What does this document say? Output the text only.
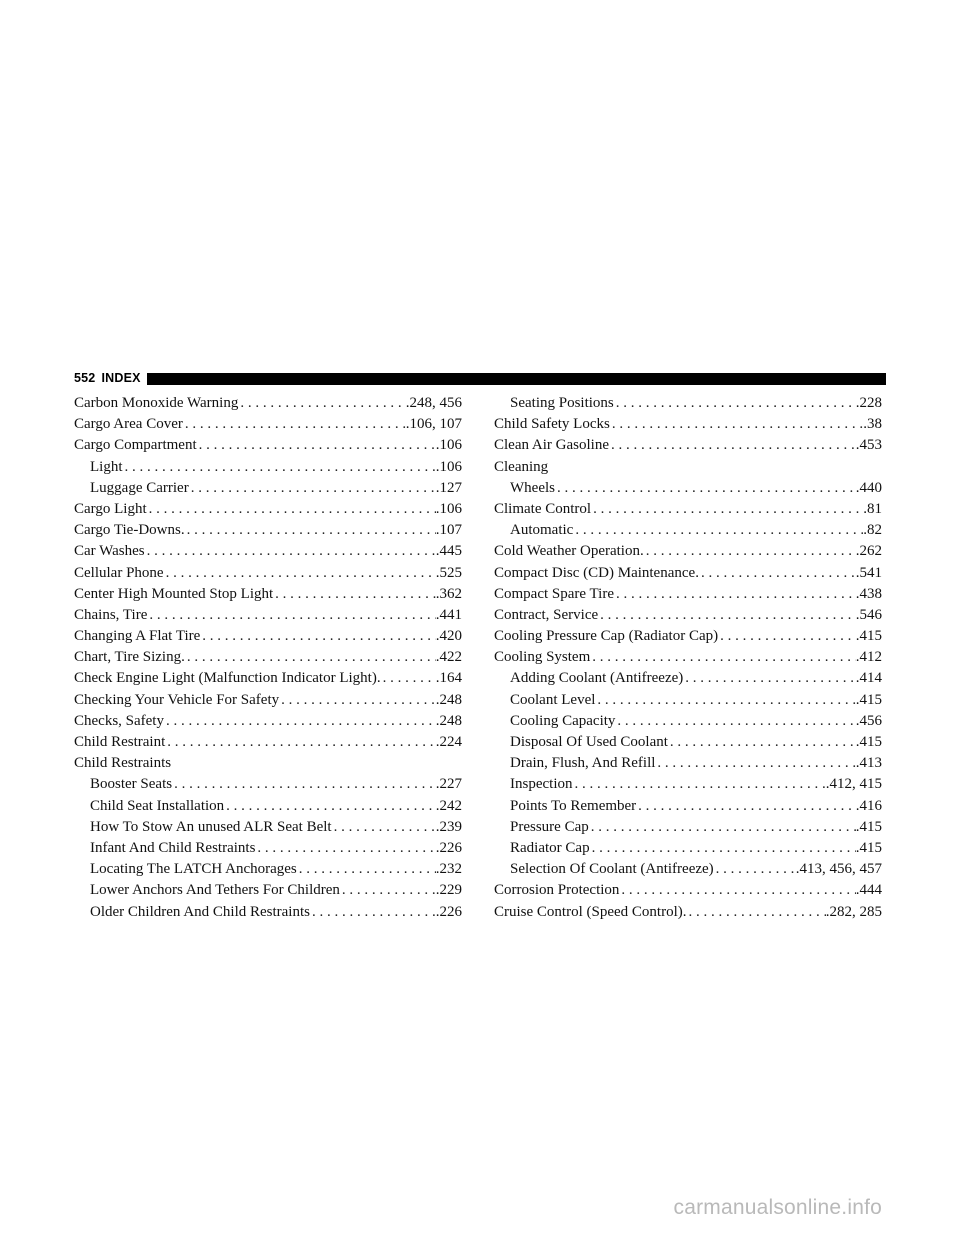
552 INDEX
Carbon Monoxide Warning . . .	.248, 456
Cargo Area Cover . . .	.106, 107
Cargo Compartment . . .	.106
Light . . .	.106
Luggage Carrier . . .	.127
Cargo Light . . .	.106
Cargo Tie-Downs. . . .	.107
Car Washes . . .	.445
Cellular Phone . . .	.525
Center High Mounted Stop Light . . .	.362
Chains, Tire . . .	.441
Changing A Flat Tire . . .	.420
Chart, Tire Sizing. . . .	.422
Check Engine Light (Malfunction Indicator Light). . . .	.164
Checking Your Vehicle For Safety . . .	.248
Checks, Safety . . .	.248
Child Restraint . . .	.224
Child Restraints
Booster Seats . . .	.227
Child Seat Installation . . .	.242
How To Stow An unused ALR Seat Belt . . .	.239
Infant And Child Restraints . . .	.226
Locating The LATCH Anchorages . . .	.232
Lower Anchors And Tethers For Children . . .	.229
Older Children And Child Restraints . . .	.226
Seating Positions . . .	.228
Child Safety Locks . . .	.38
Clean Air Gasoline . . .	.453
Cleaning
Wheels . . .	.440
Climate Control . . .	.81
Automatic . . .	.82
Cold Weather Operation. . . .	.262
Compact Disc (CD) Maintenance. . . .	.541
Compact Spare Tire . . .	.438
Contract, Service . . .	.546
Cooling Pressure Cap (Radiator Cap) . . .	.415
Cooling System . . .	.412
Adding Coolant (Antifreeze) . . .	.414
Coolant Level . . .	.415
Cooling Capacity . . .	.456
Disposal Of Used Coolant . . .	.415
Drain, Flush, And Refill . . .	.413
Inspection . . .	.412, 415
Points To Remember . . .	.416
Pressure Cap . . .	.415
Radiator Cap . . .	.415
Selection Of Coolant (Antifreeze) . . .	.413, 456, 457
Corrosion Protection . . .	.444
Cruise Control (Speed Control). . . .	.282, 285
carmanualsonline.info
